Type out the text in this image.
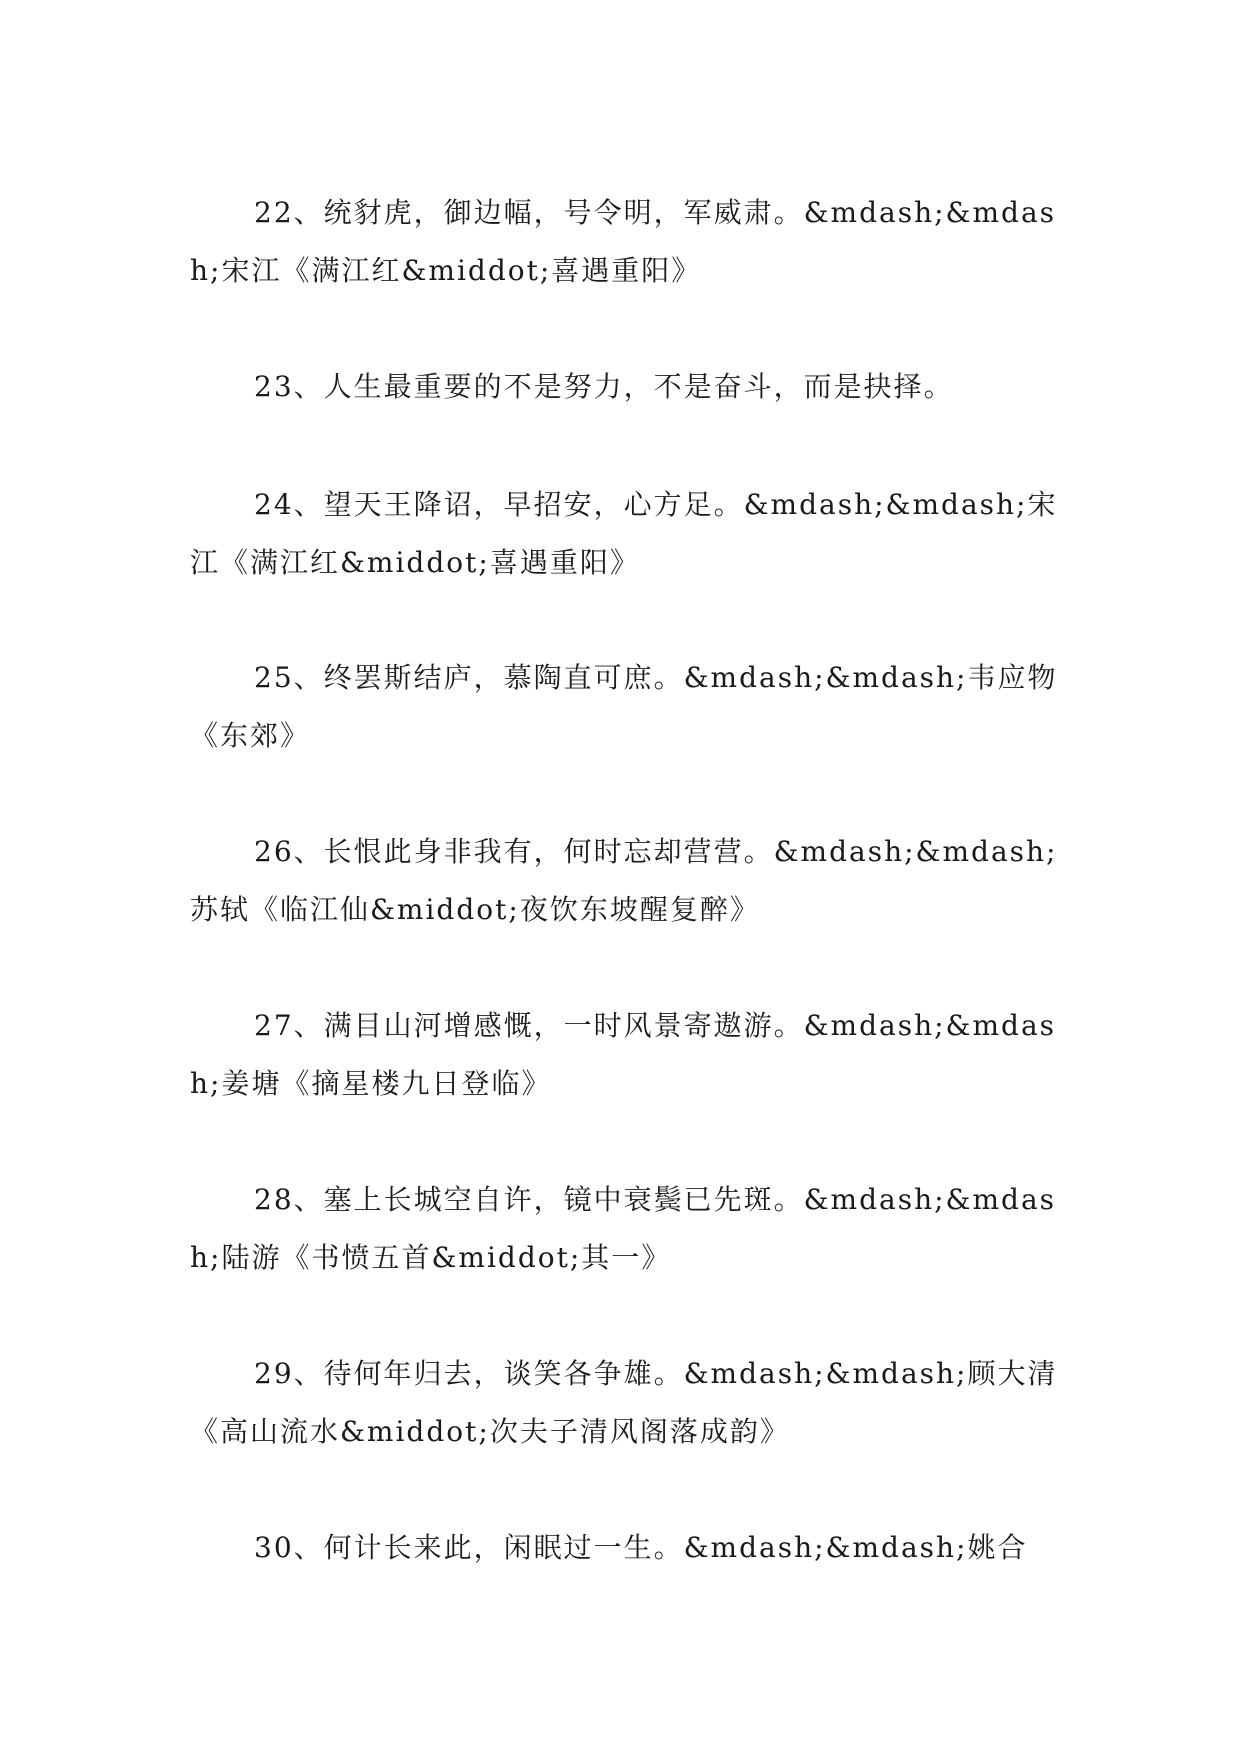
22、统豺虎，御边幅，号令明，军威肃。&mdash;&mdash;宋江《满江红&middot;喜遇重阳》

23、人生最重要的不是努力，不是奋斗，而是抉择。

24、望天王降诏，早招安，心方足。&mdash;&mdash;宋江《满江红&middot;喜遇重阳》

25、终罢斯结庐，慕陶直可庶。&mdash;&mdash;韦应物《东郊》

26、长恨此身非我有，何时忘却营营。&mdash;&mdash;苏轼《临江仙&middot;夜饮东坡醒复醉》

27、满目山河增感慨，一时风景寄遨游。&mdash;&mdash;姜塘《摘星楼九日登临》

28、塞上长城空自许，镜中衰鬓已先斑。&mdash;&mdash;陆游《书愤五首&middot;其一》

29、待何年归去，谈笑各争雄。&mdash;&mdash;顾大清《高山流水&middot;次夫子清风阁落成韵》

30、何计长来此，闲眠过一生。&mdash;&mdash;姚合
